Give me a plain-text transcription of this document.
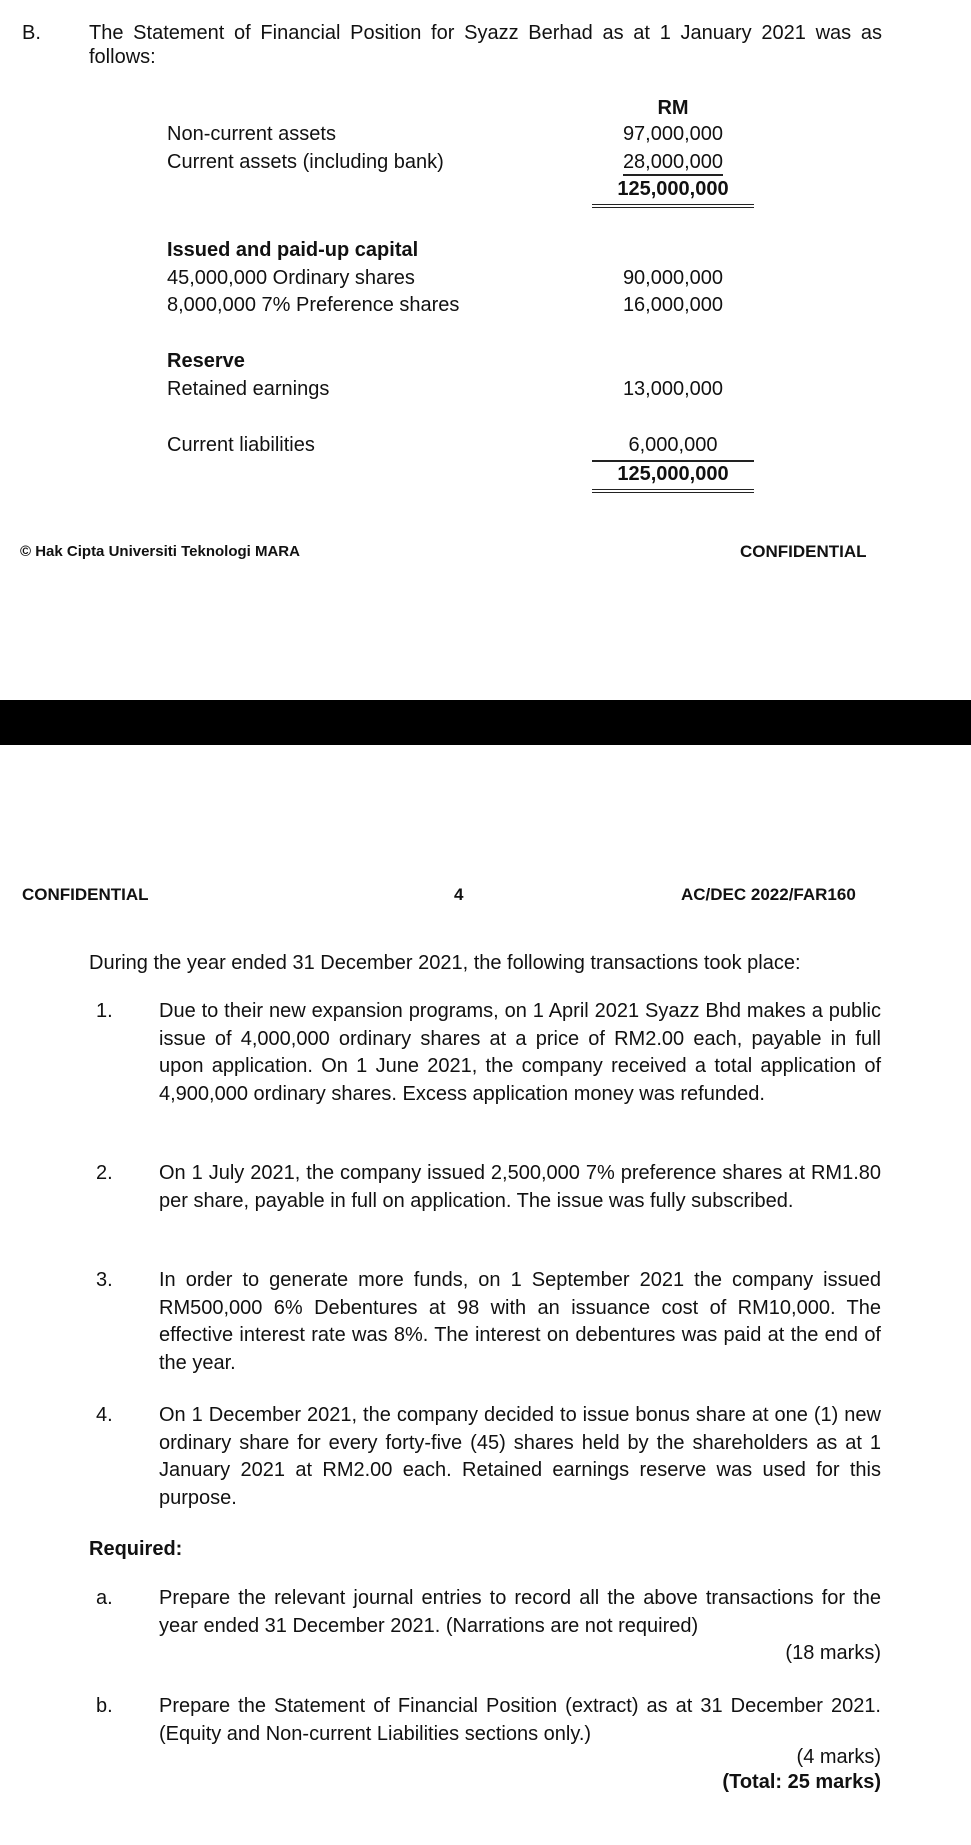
B. The Statement of Financial Position for Syazz Berhad as at 1 January 2021 was as follows:
RM
Non-current assets	97,000,000
Current assets (including bank)	28,000,000
125,000,000
Issued and paid-up capital
45,000,000 Ordinary shares	90,000,000
8,000,000 7% Preference shares	16,000,000
Reserve
Retained earnings	13,000,000
Current liabilities	6,000,000
125,000,000
© Hak Cipta Universiti Teknologi MARA	CONFIDENTIAL
CONFIDENTIAL	4	AC/DEC 2022/FAR160
During the year ended 31 December 2021, the following transactions took place:
1. Due to their new expansion programs, on 1 April 2021 Syazz Bhd makes a public issue of 4,000,000 ordinary shares at a price of RM2.00 each, payable in full upon application. On 1 June 2021, the company received a total application of 4,900,000 ordinary shares. Excess application money was refunded.
2. On 1 July 2021, the company issued 2,500,000 7% preference shares at RM1.80 per share, payable in full on application. The issue was fully subscribed.
3. In order to generate more funds, on 1 September 2021 the company issued RM500,000 6% Debentures at 98 with an issuance cost of RM10,000. The effective interest rate was 8%. The interest on debentures was paid at the end of the year.
4. On 1 December 2021, the company decided to issue bonus share at one (1) new ordinary share for every forty-five (45) shares held by the shareholders as at 1 January 2021 at RM2.00 each. Retained earnings reserve was used for this purpose.
Required:
a. Prepare the relevant journal entries to record all the above transactions for the year ended 31 December 2021. (Narrations are not required)
(18 marks)
b. Prepare the Statement of Financial Position (extract) as at 31 December 2021. (Equity and Non-current Liabilities sections only.)
(4 marks)
(Total: 25 marks)
